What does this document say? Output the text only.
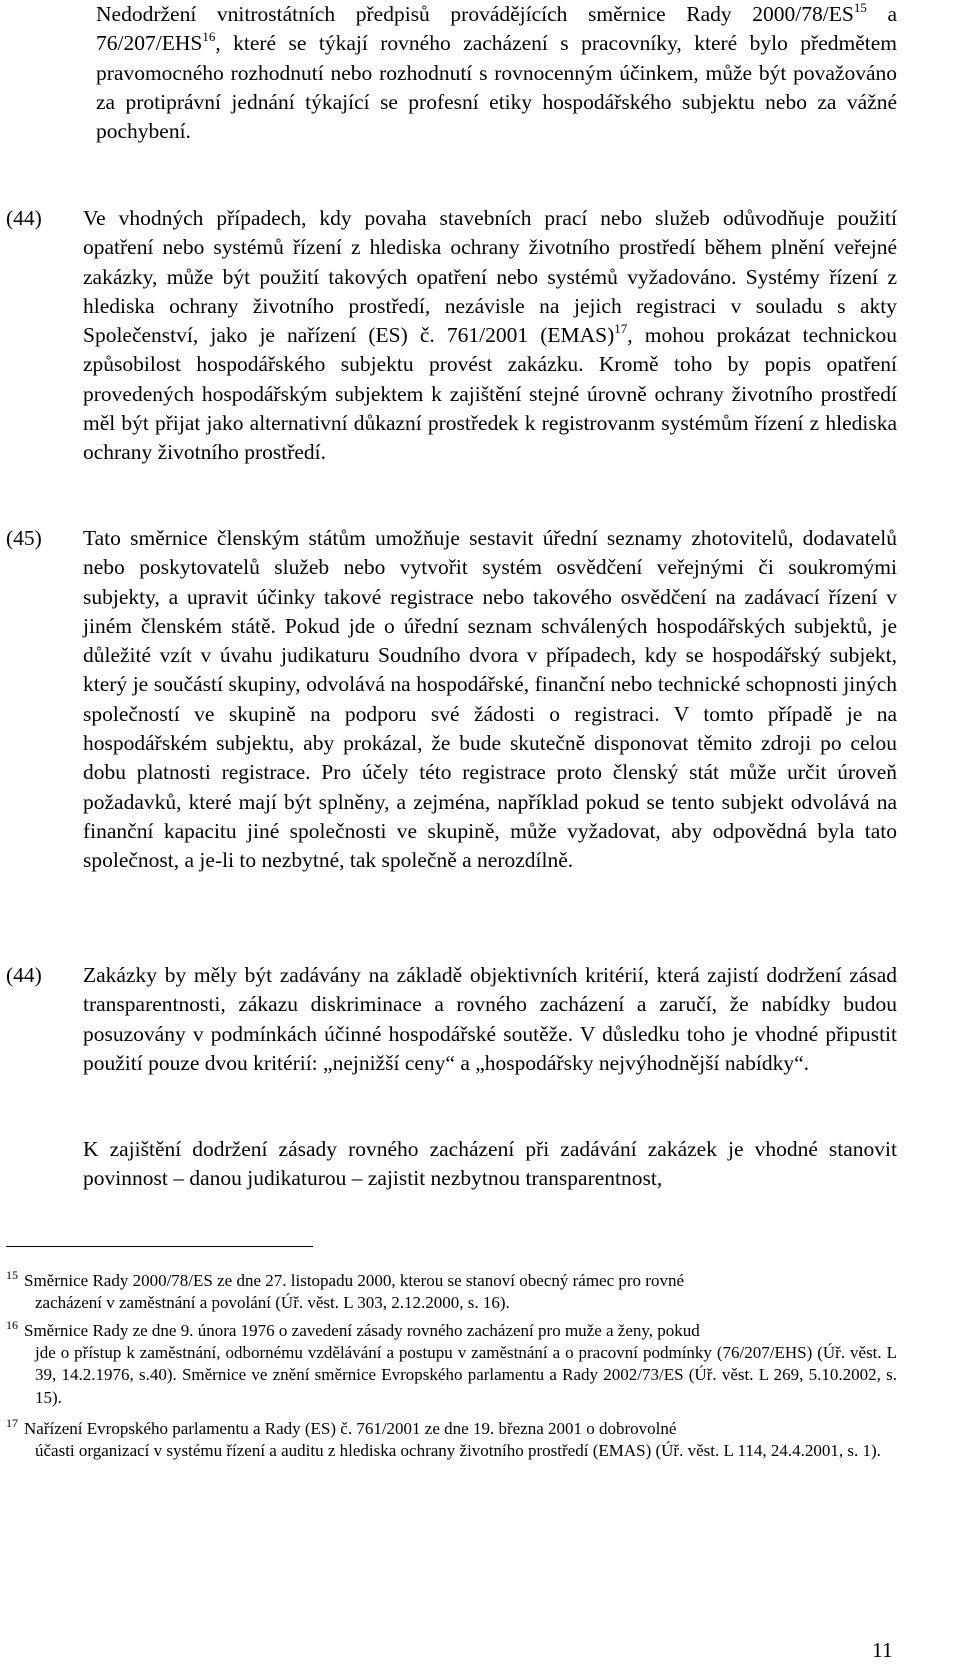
Nedodržení vnitrostátních předpisů provádějících směrnice Rady 2000/78/ES$^{15}$ a 76/207/EHS$^{16}$, které se týkají rovného zacházení s pracovníky, které bylo předmětem pravomocného rozhodnutí nebo rozhodnutí s rovnocenným účinkem, může být považováno za protiprávní jednání týkající se profesní etiky hospodářského subjektu nebo za vážné pochybení.

(44) Ve vhodných případech, kdy povaha stavebních prací nebo služeb odůvodňuje použití opatření nebo systémů řízení z hlediska ochrany životního prostředí během plnění veřejné zakázky, může být použití takových opatření nebo systémů vyžadováno. Systémy řízení z hlediska ochrany životního prostředí, nezávisle na jejich registraci v souladu s akty Společenství, jako je nařízení (ES) č. 761/2001 (EMAS)$^{17}$, mohou prokázat technickou způsobilost hospodářského subjektu provést zakázku. Kromě toho by popis opatření provedených hospodářským subjektem k zajištění stejné úrovně ochrany životního prostředí měl být přijat jako alternativní důkazní prostředek k registrovanm systémům řízení z hlediska ochrany životního prostředí.

(45) Tato směrnice členským státům umožňuje sestavit úřední seznamy zhotovitelů, dodavatelů nebo poskytovatelů služeb nebo vytvořit systém osvědčení veřejnými či soukromými subjekty, a upravit účinky takové registrace nebo takového osvědčení na zadávací řízení v jiném členském státě. Pokud jde o úřední seznam schválených hospodářských subjektů, je důležité vzít v úvahu judikaturu Soudního dvora v případech, kdy se hospodářský subjekt, který je součástí skupiny, odvolává na hospodářské, finanční nebo technické schopnosti jiných společností ve skupině na podporu své žádosti o registraci. V tomto případě je na hospodářském subjektu, aby prokázal, že bude skutečně disponovat těmito zdroji po celou dobu platnosti registrace. Pro účely této registrace proto členský stát může určit úroveň požadavků, které mají být splněny, a zejména, například pokud se tento subjekt odvolává na finanční kapacitu jiné společnosti ve skupině, může vyžadovat, aby odpovědná byla tato společnost, a je-li to nezbytné, tak společně a nerozdílně.

(44) Zakázky by měly být zadávány na základě objektivních kritérií, která zajistí dodržení zásad transparentnosti, zákazu diskriminace a rovného zacházení a zaručí, že nabídky budou posuzovány v podmínkách účinné hospodářské soutěže. V důsledku toho je vhodné připustit použití pouze dvou kritérií: „nejnižší ceny“ a „hospodářsky nejvýhodnější nabídky“.

K zajištění dodržení zásady rovného zacházení při zadávání zakázek je vhodné stanovit povinnost – danou judikaturou – zajistit nezbytnou transparentnost,

15 Směrnice Rady 2000/78/ES ze dne 27. listopadu 2000, kterou se stanoví obecný rámec pro rovné
zacházení v zaměstnání a povolání (Úř. věst. L 303, 2.12.2000, s. 16).
16 Směrnice Rady ze dne 9. února 1976 o zavedení zásady rovného zacházení pro muže a ženy, pokud
jde o přístup k zaměstnání, odbornému vzdělávání a postupu v zaměstnání a o pracovní podmínky (76/207/EHS) (Úř. věst. L 39, 14.2.1976, s.40). Směrnice ve znění směrnice Evropského parlamentu a Rady 2002/73/ES (Úř. věst. L 269, 5.10.2002, s. 15).
17 Nařízení Evropského parlamentu a Rady (ES) č. 761/2001 ze dne 19. března 2001 o dobrovolné
účasti organizací v systému řízení a auditu z hlediska ochrany životního prostředí (EMAS) (Úř. věst. L 114, 24.4.2001, s. 1).
11
